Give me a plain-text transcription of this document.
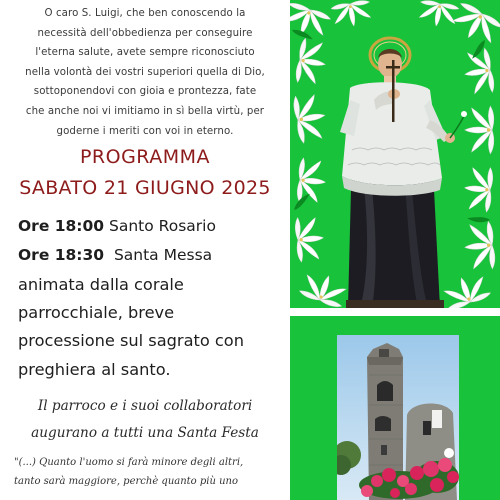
O caro S. Luigi, che ben conoscendo la
necessità dell'obbedienza per conseguire
l'eterna salute, avete sempre riconosciuto
nella volontà dei vostri superiori quella di Dio,
sottoponendovi con gioia e prontezza, fate
che anche noi vi imitiamo in sì bella virtù, per
goderne i meriti con voi in eterno.
PROGRAMMA
SABATO 21 GIUGNO 2025
Ore 18:00 Santo Rosario
Ore 18:30 Santa Messa
animata dalla corale
parrocchiale, breve
processione sul sagrato con
preghiera al santo.
Il parroco e i suoi collaboratori
augurano a tutti una Santa Festa
"(...) Quanto l'uomo si farà minore degli altri,
tanto sarà maggiore, perchè quanto più uno
